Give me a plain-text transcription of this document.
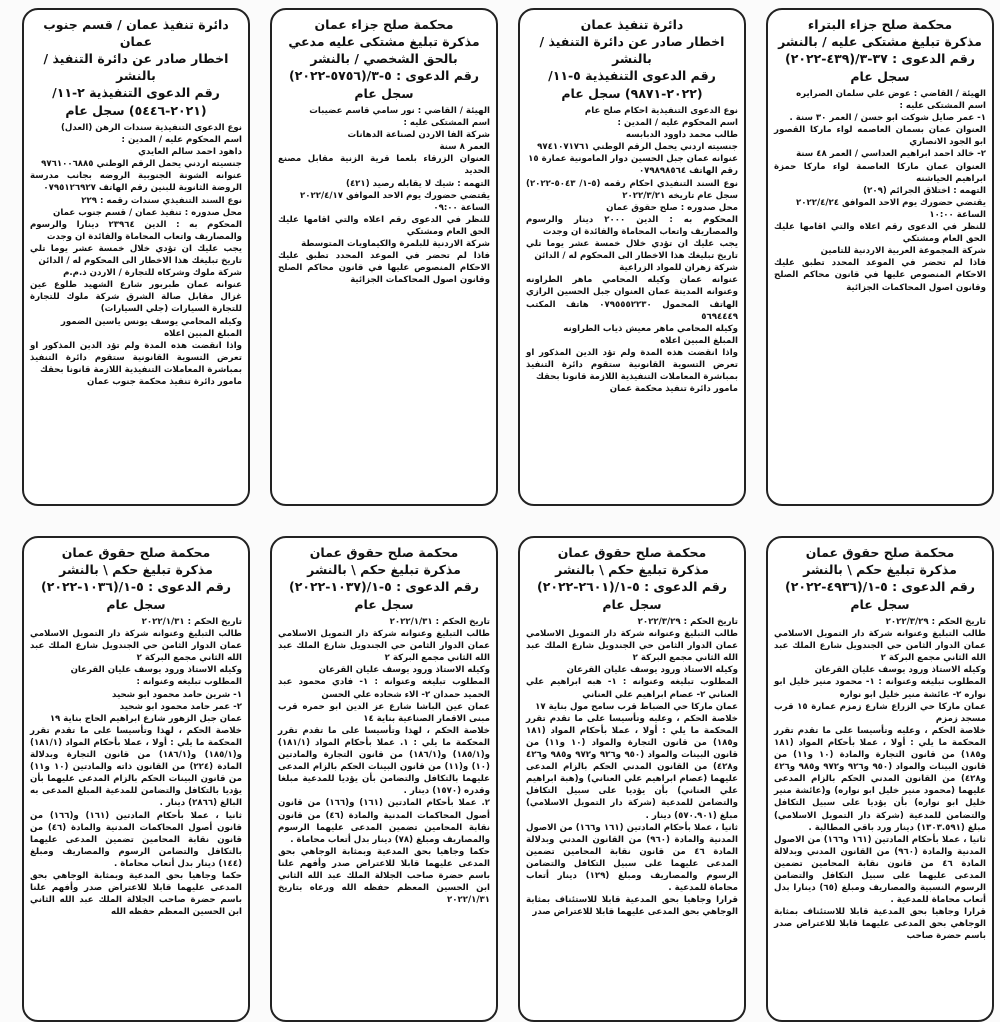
محكمة صلح جزاء البتراء
مذكرة تبليغ مشتكى عليه / بالنشر
رقم الدعوى : ٣٧-٣/(٤٣٩-٢٠٢٢)
سجل عام

الهيئة / القاضي : عوض علي سلمان الصرايره

اسم المشتكى عليه :

١- عمر صايل شوكت ابو حسن / العمر ٣٠ سنة .

العنوان عمان بسمان العاصمه لواء ماركا القصور ابو الجود الانصاري

٢- خالد احمد ابراهيم العداسي / العمر ٤٨ سنة

العنوان عمان ماركا العاصمة لواء ماركا حمزة ابراهيم الحياشنه

التهمه : اختلاق الجرائم (٢٠٩)

يقتضي حضورك يوم الاحد الموافق ٢٠٢٢/٤/٢٤

الساعة ١٠:٠٠

للنظر في الدعوى رقم اعلاه والتي اقامها عليك الحق العام ومشتكي

شركة المجموعة العربية الاردنية للتامين

فاذا لم تحضر في الموعد المحدد تطبق عليك الاحكام المنصوص عليها في قانون محاكم الصلح وقانون اصول المحاكمات الجزائية

دائرة تنفيذ عمان
اخطار صادر عن دائرة التنفيذ / بالنشر
رقم الدعوى التنفيذية ٥-١١/
(٢٠٢٢-٩٨٧١) سجل عام

نوع الدعوى التنفيذية احكام صلح عام

اسم المحكوم عليه / المدين :

طالب محمد داوود الدبابسه

جنسيته اردني يحمل الرقم الوطني ٩٧٤١٠٧١٧٦١

عنوانه عمان جبل الحسين دوار المامونية عمارة ١٥

رقم الهاتف ٠٧٩٨٩٨٥٦٤

نوع السند التنفيذي احكام رقمه (٥-١/ ٥٠٤٣-٢٠٢٢) سجل عام تاريخه ٢٠٢٢/٣/٢١

محل صدوره : صلح حقوق عمان

المحكوم به : الدين ٢٠٠٠ دينار والرسوم والمصاريف واتعاب المحاماة والفائدة ان وجدت

يجب عليك ان تؤدي خلال خمسة عشر يوما تلي تاريخ تبليغك هذا الاخطار الى المحكوم له / الدائن

شركة زهران للمواد الزراعية

عنوانه عمان وكيله المحامي ماهر الطراونه وعنوانه المدينة عمان العنوان جبل الحسين الرازي الهاتف المحمول ٠٧٩٥٥٥٢٢٣٠ هاتف المكتب ٥٦٩٤٤٤٩

وكيله المحامي ماهر معيش ذياب الطراونه

المبلغ المبين اعلاه

واذا انقضت هذه المدة ولم تؤد الدين المذكور او تعرض التسوية القانونية ستقوم دائرة التنفيذ بمباشرة المعاملات التنفيذية اللازمة قانونا بحقك

مامور دائرة تنفيذ محكمة عمان

محكمة صلح جزاء عمان
مذكرة تبليغ مشتكى عليه مدعي بالحق الشخصي / بالنشر
رقم الدعوى : ٥-٣/(٥٧٥٦-٢٠٢٢)
سجل عام

الهيئة / القاضي : نور سامي قاسم عضيبات

اسم المشتكى عليه :

شركة الفا الاردن لصناعة الدهانات

العمر ٨ سنة

العنوان الزرقاء بلعما قرية الزنية مقابل مصنع الحديد

التهمه : شيك لا يقابله رصيد (٤٢١)

يقتضي حضورك يوم الاحد الموافق ٢٠٢٢/٤/١٧

الساعة ٠٩:٠٠

للنظر في الدعوى رقم اعلاه والتي اقامها عليك الحق العام ومشتكي

شركة الاردنية للبلمرة والكيماويات المتوسطة

فاذا لم تحضر في الموعد المحدد تطبق عليك الاحكام المنصوص عليها في قانون محاكم الصلح وقانون اصول المحاكمات الجزائية

دائرة تنفيذ عمان / قسم جنوب عمان
اخطار صادر عن دائرة التنفيذ / بالنشر
رقم الدعوى التنفيذية ٢-١١/
(٢٠٢١-٥٤٤٦) سجل عام

نوع الدعوى التنفيذية سندات الرهن (العدل)

اسم المحكوم عليه / المدين :

داهود احمد سالم العايدي

جنسيته اردني يحمل الرقم الوطني ٩٧٦١٠٠٦٨٨٥

عنوانه الشونة الجنوبية الروضه بجانب مدرسة الروضة الثانوية للبنين رقم الهاتف ٠٧٩٥١٢٦٩٢٧

نوع السند التنفيذي سندات رقمه : ٢٢٩

محل صدوره : تنفيذ عمان / قسم جنوب عمان

المحكوم به : الدين ٢٣٩٦٤ دينارا والرسوم والمصاريف واتعاب المحاماة والفائدة ان وجدت

يجب عليك ان تؤدي خلال خمسة عشر يوما تلي تاريخ تبليغك هذا الاخطار الى المحكوم له / الدائن

شركة ملوك وشركاه للتجارة / الاردن ذ.م.م

عنوانه عمان طبربور شارع الشهيد طلوع عين غزال مقابل صالة الشرق شركة ملوك للتجارة للتجارة السيارات (جلي السيارات)

وكيله المحامي يوسف يونس ياسين الضمور

المبلغ المبين اعلاه

واذا انقضت هذه المدة ولم تؤد الدين المذكور او تعرض التسوية القانونية ستقوم دائرة التنفيذ بمباشرة المعاملات التنفيذية اللازمة قانونا بحقك

مامور دائرة تنفيذ محكمة جنوب عمان

محكمة صلح حقوق عمان
مذكرة تبليغ حكم \ بالنشر
رقم الدعوى : ٥-١/(٤٩٣٦-٢٠٢٢)
سجل عام

تاريخ الحكم : ٢٠٢٢/٣/٢٩

طالب التبليغ وعنوانه شركة دار التمويل الاسلامي عمان الدوار الثامن حي الجندويل شارع الملك عبد الله الثاني مجمع البركة ٢

وكيله الاستاذ ورود يوسف عليان القرعان

المطلوب تبليغه وعنوانه : ١- محمود منير خليل ابو نواره ٢- عائشة منير خليل ابو نواره

عمان ماركا حي الزراع شارع زمزم عمارة ١٥ قرب مسجد زمزم

خلاصة الحكم ، وعليه وتأسيسا على ما تقدم تقرر المحكمة ما يلي : أولا ، عملا بأحكام المواد (١٨١ و١٨٥) من قانون التجارة والمادة (١٠ و١١) من قانون البينات والمواد (٩٥٠ و٩٢٦ و٩٧٢ و٩٨٥ و٤٢٦ و٤٢٨) من القانون المدني الحكم بالزام المدعى عليهما (محمود منير خليل ابو نواره) و(عائشة منير خليل ابو نواره) بأن يؤديا على سبيل التكافل والتضامن للمدعية (شركة دار التمويل الاسلامي) مبلغ (١٣٠٣.٥٩١) دينار ورد باقي المطالبة .

ثانيا ، عملا بأحكام المادتين (١٦١ و١٦٦) من الاصول المدنية والمادة (٩٦٠) من القانون المدني وبدلالة المادة ٤٦ من قانون نقابة المحامين تضمين المدعى عليهما على سبيل التكافل والتضامن الرسوم النسبية والمصاريف ومبلغ (٦٥) دينارا بدل أتعاب محاماة للمدعية .

قرارا وجاهيا بحق المدعية قابلا للاستئناف بمثابة الوجاهي بحق المدعى عليهما قابلا للاعتراض صدر باسم حضرة صاحب

محكمة صلح حقوق عمان
مذكرة تبليغ حكم \ بالنشر
رقم الدعوى : ٥-١/(٢٦٠١-٢٠٢٢) سجل عام

تاريخ الحكم : ٢٠٢٢/٣/٢٩

طالب التبليغ وعنوانه شركة دار التمويل الاسلامي عمان الدوار الثامن حي الجندويل شارع الملك عبد الله الثاني مجمع البركة ٢

وكيله الاستاذ ورود يوسف عليان القرعان

المطلوب تبليغه وعنوانه : ١- هبه ابراهيم علي العناني ٢- عصام ابراهيم علي العناني

عمان ماركا حي الضباط قرب سامح مول بناية ١٧

خلاصة الحكم ، وعليه وتأسيسا على ما تقدم تقرر المحكمة ما يلي : أولا ، عملا بأحكام المواد (١٨١ و١٨٥) من قانون التجارة والمواد (١٠ و١١) من قانون البينات والمواد (٩٥٠ و٩٢٦ و٩٧٢ و٩٨٥ و٤٢٦ و٤٢٨) من القانون المدني الحكم بالزام المدعى عليهما (عصام ابراهيم علي العناني) و(هبة ابراهيم علي العناني) بأن يؤديا على سبيل التكافل والتضامن للمدعية (شركة دار التمويل الاسلامي) مبلغ (٥٧٠.٩٠١) دينار .

ثانيا ، عملا بأحكام المادتين (١٦١ و١٦٦) من الاصول المدنية والمادة (٩٦٠) من القانون المدني وبدلالة المادة ٤٦ من قانون نقابة المحامين تضمين المدعى عليهما على سبيل التكافل والتضامن الرسوم والمصاريف ومبلغ (١٢٩) دينار أتعاب محاماة للمدعية .

قرارا وجاهيا بحق المدعية قابلا للاستئناف بمثابة الوجاهي بحق المدعى عليهما قابلا للاعتراض صدر

محكمة صلح حقوق عمان
مذكرة تبليغ حكم \ بالنشر
رقم الدعوى : ٥-١/(١٠٣٧-٢٠٢٢)
سجل عام

تاريخ الحكم : ٢٠٢٢/١/٣١

طالب التبليغ وعنوانه شركة دار التمويل الاسلامي عمان الدوار الثامن حي الجندويل شارع الملك عبد الله الثاني مجمع البركة ٢

وكيله الاستاذ ورود يوسف عليان القرعان

المطلوب تبليغه وعنوانه : ١- فادي محمود عبد الحميد حمدان ٢- الاء شحاده علي الحسن

عمان عين الباشا شارع عز الدين ابو حمره قرب مبنى الاقمار الصناعية بناية ١٤

خلاصة الحكم ، لهذا وتأسيسا على ما تقدم تقرر المحكمة ما يلي : ١. عملا بأحكام المواد (١٨١/١) و(١٨٥/١) و(١٨٦/١) من قانون التجارة والمادتين (١٠) و(١١) من قانون البينات الحكم بالزام المدعى عليهما بالتكافل والتضامن بأن يؤديا للمدعية مبلغا وقدره (١٥٧٠) دينار .

٢. عملا بأحكام المادتين (١٦١) و(١٦٦) من قانون أصول المحاكمات المدنية والمادة (٤٦) من قانون نقابة المحامين تضمين المدعى عليهما الرسوم والمصاريف ومبلغ (٧٨) دينار بدل أتعاب محاماة .

حكما وجاهيا بحق المدعية وبمثابة الوجاهي بحق المدعى عليهما قابلا للاعتراض صدر وأفهم علنا باسم حضرة صاحب الجلالة الملك عبد الله الثاني ابن الحسين المعظم حفظه الله ورعاه بتاريخ ٢٠٢٢/١/٣١

محكمة صلح حقوق عمان
مذكرة تبليغ حكم \ بالنشر
رقم الدعوى : ٥-١/(١٠٣٦-٢٠٢٢)
سجل عام

تاريخ الحكم : ٢٠٢٢/١/٣١

طالب التبليغ وعنوانه شركة دار التمويل الاسلامي عمان الدوار الثامن حي الجندويل شارع الملك عبد الله الثاني مجمع البركة ٢

وكيله الاستاذ ورود يوسف عليان القرعان

المطلوب تبليغه وعنوانه :

١- شرين حامد محمود ابو شحيد

٢- عمر حامد محمود ابو شحيد

عمان جبل الزهور شارع ابراهيم الحاج بناية ١٩

خلاصة الحكم ، لهذا وتأسيسا على ما تقدم تقرر المحكمة ما يلي : أولا ، عملا بأحكام المواد (١٨١/١) و(١٨٥/١) و(١٨٦/١) من قانون التجارة وبدلالة المادة (٢٢٤) من القانون ذاته والمادتين (١٠ و١١) من قانون البينات الحكم بالزام المدعى عليهما بأن يؤديا بالتكافل والتضامن للمدعية المبلغ المدعى به البالغ (٢٨٦٦) دينار .

ثانيا ، عملا بأحكام المادتين (١٦١) و(١٦٦) من قانون أصول المحاكمات المدنية والمادة (٤٦) من قانون نقابة المحامين تضمين المدعى عليهما بالتكافل والتضامن الرسوم والمصاريف ومبلغ (١٤٤) دينار بدل أتعاب محاماة .

حكما وجاهيا بحق المدعية وبمثابة الوجاهي بحق المدعى عليهما قابلا للاعتراض صدر وأفهم علنا باسم حضرة صاحب الجلالة الملك عبد الله الثاني ابن الحسين المعظم حفظه الله
